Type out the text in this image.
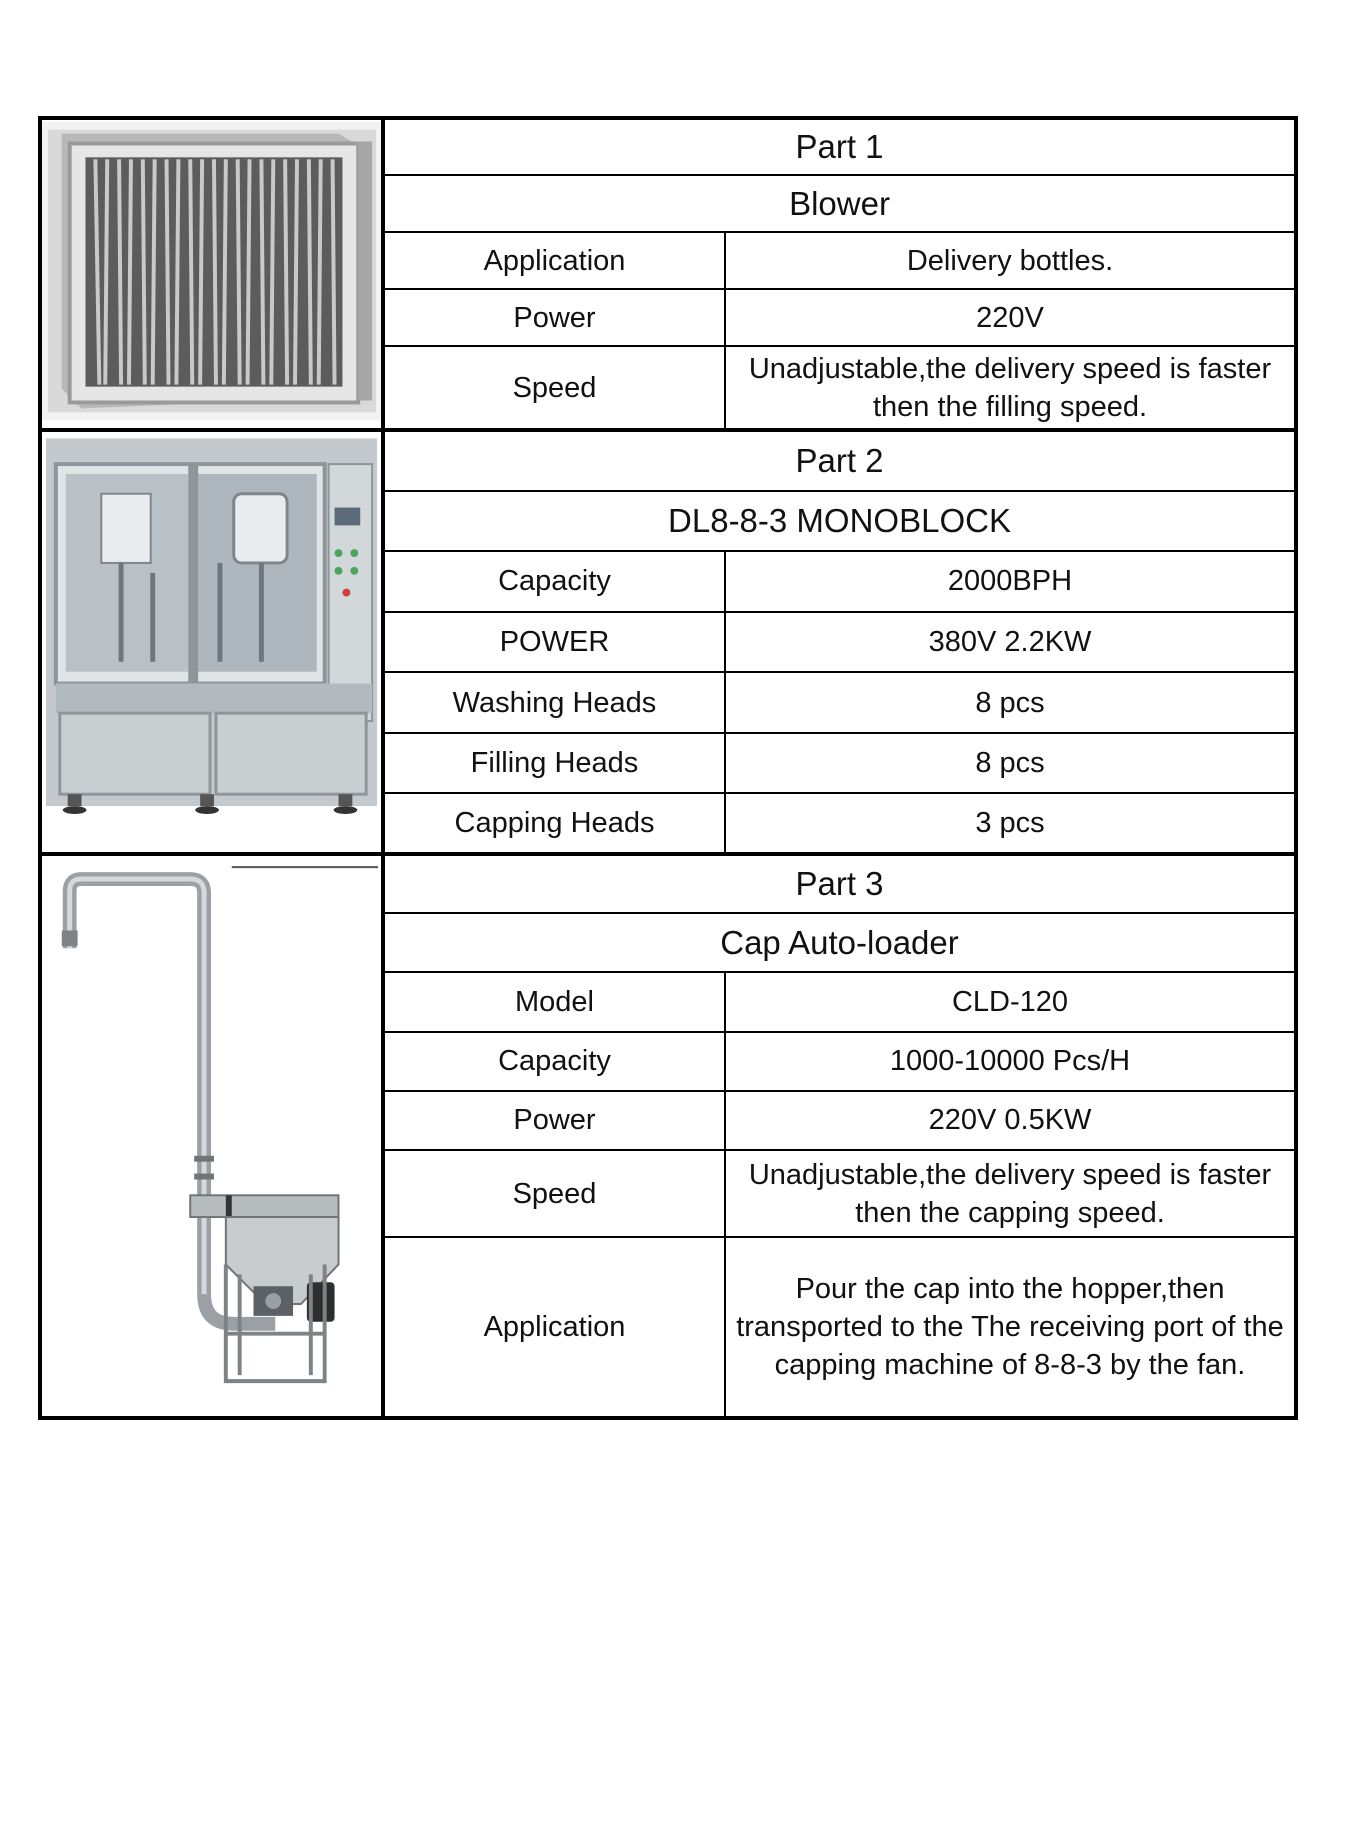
	Part 1	
	Blower	
	Application	Delivery bottles.
	Power	220V
	Speed	Unadjustable,the delivery speed is faster then the filling speed.

	Part 2	
	DL8-8-3 MONOBLOCK	
	Capacity	2000BPH
	POWER	380V 2.2KW
	Washing Heads	8 pcs
	Filling Heads	8 pcs
	Capping Heads	3 pcs

	Part 3	
	Cap Auto-loader	
	Model	CLD-120
	Capacity	1000-10000 Pcs/H
	Power	220V 0.5KW
	Speed	Unadjustable,the delivery speed is faster then the capping speed.
	Application	Pour the cap into the hopper,then transported to the The receiving port of the capping machine of 8-8-3 by the fan.
